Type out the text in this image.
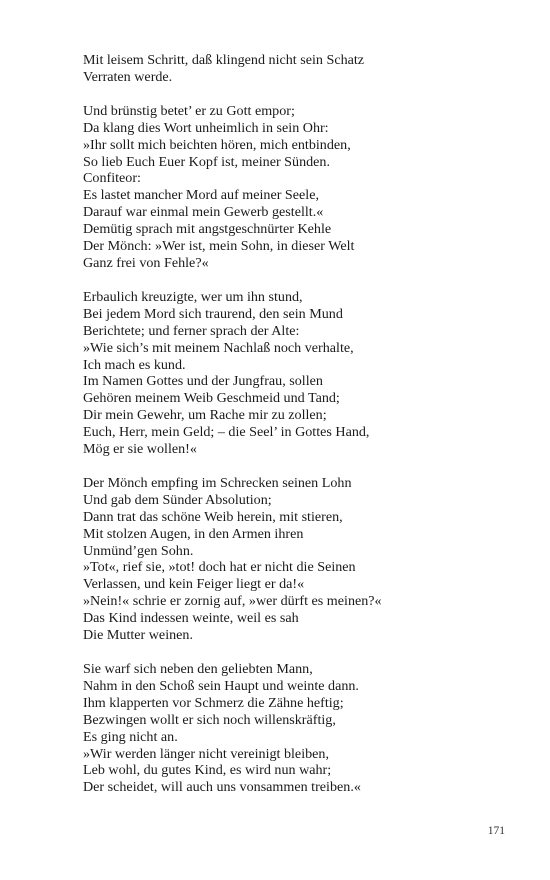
Mit leisem Schritt, daß klingend nicht sein Schatz
Verraten werde.
Und brünstig betet’ er zu Gott empor;
Da klang dies Wort unheimlich in sein Ohr:
»Ihr sollt mich beichten hören, mich entbinden,
So lieb Euch Euer Kopf ist, meiner Sünden.
Confiteor:
Es lastet mancher Mord auf meiner Seele,
Darauf war einmal mein Gewerb gestellt.«
Demütig sprach mit angstgeschnürter Kehle
Der Mönch: »Wer ist, mein Sohn, in dieser Welt
Ganz frei von Fehle?«
Erbaulich kreuzigte, wer um ihn stund,
Bei jedem Mord sich traurend, den sein Mund
Berichtete; und ferner sprach der Alte:
»Wie sich’s mit meinem Nachlaß noch verhalte,
Ich mach es kund.
Im Namen Gottes und der Jungfrau, sollen
Gehören meinem Weib Geschmeid und Tand;
Dir mein Gewehr, um Rache mir zu zollen;
Euch, Herr, mein Geld; – die Seel’ in Gottes Hand,
Mög er sie wollen!«
Der Mönch empfing im Schrecken seinen Lohn
Und gab dem Sünder Absolution;
Dann trat das schöne Weib herein, mit stieren,
Mit stolzen Augen, in den Armen ihren
Unmünd’gen Sohn.
»Tot«, rief sie, »tot! doch hat er nicht die Seinen
Verlassen, und kein Feiger liegt er da!«
»Nein!« schrie er zornig auf, »wer dürft es meinen?«
Das Kind indessen weinte, weil es sah
Die Mutter weinen.
Sie warf sich neben den geliebten Mann,
Nahm in den Schoß sein Haupt und weinte dann.
Ihm klapperten vor Schmerz die Zähne heftig;
Bezwingen wollt er sich noch willenskräftig,
Es ging nicht an.
»Wir werden länger nicht vereinigt bleiben,
Leb wohl, du gutes Kind, es wird nun wahr;
Der scheidet, will auch uns vonsammen treiben.«
171
